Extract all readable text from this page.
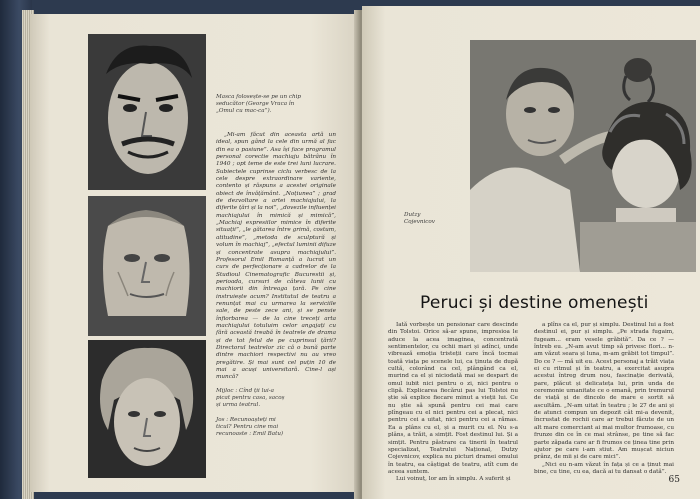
Masca folosește-se pe un chip seducător (George Vraca în „Omul cu mac-ca”).

„Mi-am făcut din aceasta artă un ideal, spun gând la cele din urmă al fac din ea o pasiune”. Asa își face programul personal corectie machiaju bătrânu în 1940 ; opt teme de este trei luni lucrare. Subiectele cuprinse ciclu verbesc de la cele despre extraordinare variente, contento și răspuns a acestei originale obiect de învățământ. „Noțiunea” ; grad de dezvoltare a artei machiajului, la diferite țări și la noi”, „dovezile influenței machiajului în mimică și mimică”, „Machiaj expresiilor mimice în diferite situații”, „le gătarea între grimă, costum, atitudine”, „metoda de sculptură și volum în machiaj”, „efectul luminii difuze și concentrate asupra machiajului”. Profesorul Emil Romanță a lucrat un curs de perfecționare a cadrelor de la Studioul Cinematografic Bucurestii și, perioada, cursuri de câteva lunii cu machiorii din întreaga țară. Pe cine instruiește acum? Institutul de teatru a renunțat mai cu urmarea la serviciile sale, de peste zece ani, și se pensie înfiorbarea — de la cine treceți arta machiajului totuluim celor angajați cu fără această treabă în teatrele de drama și de tot felul de pe cuprinsul țării? Directorul teatrelor zic că o bună parte dintre machiori respectivi nu au vreo pregătire. Și mai sunt cel puțin 10 de mai a acuși universitară. Cine-l ași muncă?

Mijloc : Cînd ții lui-a
picat pentru casa, sacoș
și urma teatrul.
Jos : Recunoașteți mi
ticul? Pentru cine mai
recunoaste : Emil Batu)
Dutzy
Cojevnicov
Peruci și destine omenești

Iată vorbește un pensionar care descinde din Tolstoi. Orice să-ar spune, impresioa le aduce la acea imaginea, concentrată sentimentelor, cu ochii mari și adînci, unde vibrează emoția tristeții care încă tocmai toată viața pe scenele lui, ca ținuta de după cultă, colorând ca cel, plângând ca el, murind ca el și niciodată mai se despart de omul iubit nici pentru o zi, nici pentru o clipă. Explicarea fiecărui pas lui Tolstoi nu știe să explice fiecare minut a vieții lui. Ce nu știe să spună pentru cei mai care plîngeau cu el nici pentru cei a plecat, nici pentru cei a uitat, nici pentru cei a rămas. Ea a plâns cu el, și a murit cu el. Nu s-a plâns, a trăit, a simțit. Fost destinul lui. Și a simțit. Pentru păstrare ca tinerii în teatrul specializat, Teatrului Național, Dutzy Cojevnicov, explica nu picturi dramei omului în teatru, ea câștigat de teatru, atît cum de aceea suntem.

Lui voinuț, lor am în simplu. A suferit și

a plîns ca el, pur și simplu. Destinul lui a fost destinul ei, pur și simplu. „Pe strada fugaim, fugeam... eram vesele grăbită”. Da ce ? — întreb eu. „N-am avut timp să privesc flori... n-am văzut seara și luna, m-am grăbit tot timpul”. Do ce ? — mă uit eu. Acest personaj a trăit viața ei cu ritmul și în teatru, a exercitat asupra acestui întreg drum nou, fascinație derivată, pare, plăcut și delicateța lui, prin unda de ceremonie umanitate ce o emană, prin tremurul de viață și de dincolo de mare e sortit să ascultăm. „N-am uitat în teatru ; le 27 de ani și de atunci compun un depozit cât mi-a devenit, încrustat de rochii care ar trebui făcute de un alt mare comerciant ai mai multor frumoase, cu frunze din ce în ce mai strânse, pe tine să fac parte zăpada care ar fi frumos ce ținea tine prin ajutor pe care i-am stiut. Am mușcat niciun prânz, de mii și de care mici”.

„Nici eu n-am văzut în fața și ce a ținut mai bine, cu tine, cu ea, dacă ai tu dansat o dată”.

65
